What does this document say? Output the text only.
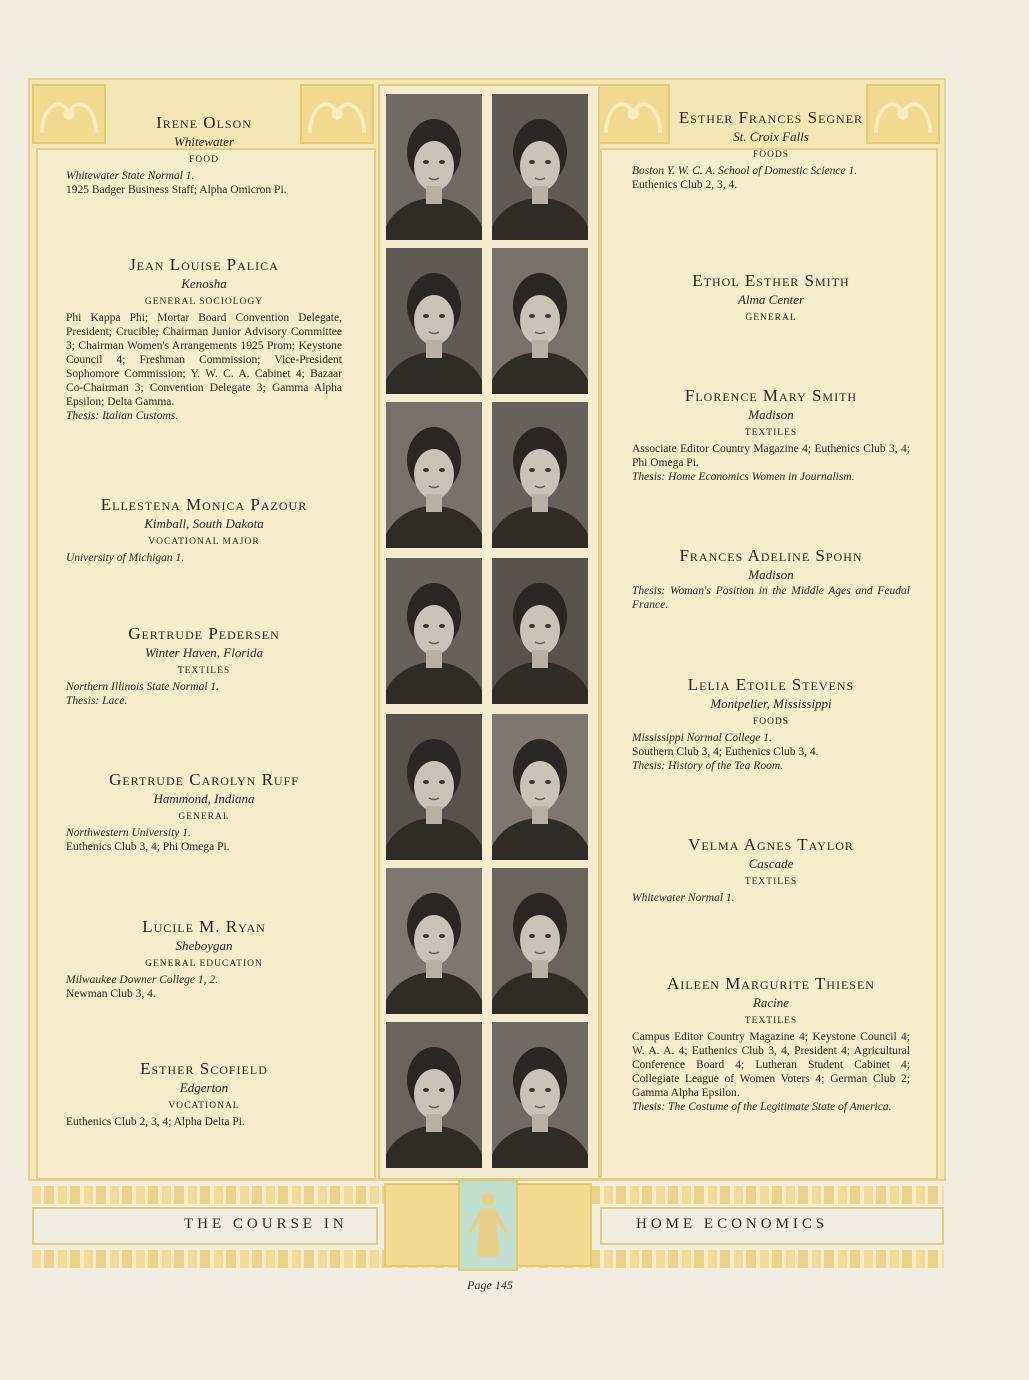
Irene Olson
Whitewater
FOOD
Whitewater State Normal 1.
1925 Badger Business Staff; Alpha Omicron Pi.
Jean Louise Palica
Kenosha
GENERAL SOCIOLOGY
Phi Kappa Phi; Mortar Board Convention Delegate, President; Crucible; Chairman Junior Advisory Committee 3; Chairman Women's Arrangements 1925 Prom; Keystone Council 4; Freshman Commission; Vice-President Sophomore Commission; Y. W. C. A. Cabinet 4; Bazaar Co-Chairman 3; Convention Delegate 3; Gamma Alpha Epsilon; Delta Gamma.
Thesis: Italian Customs.
Ellestena Monica Pazour
Kimball, South Dakota
VOCATIONAL MAJOR
University of Michigan 1.
Gertrude Pedersen
Winter Haven, Florida
TEXTILES
Northern Illinois State Normal 1.
Thesis: Lace.
Gertrude Carolyn Ruff
Hammond, Indiana
GENERAL
Northwestern University 1.
Euthenics Club 3, 4; Phi Omega Pi.
Lucile M. Ryan
Sheboygan
GENERAL EDUCATION
Milwaukee Downer College 1, 2.
Newman Club 3, 4.
Esther Scofield
Edgerton
VOCATIONAL
Euthenics Club 2, 3, 4; Alpha Delta Pi.
Esther Frances Segner
St. Croix Falls
FOODS
Boston Y. W. C. A. School of Domestic Science 1.
Euthenics Club 2, 3, 4.
Ethol Esther Smith
Alma Center
GENERAL
Florence Mary Smith
Madison
TEXTILES
Associate Editor Country Magazine 4; Euthenics Club 3, 4; Phi Omega Pi.
Thesis: Home Economics Women in Journalism.
Frances Adeline Spohn
Madison
Thesis: Woman's Position in the Middle Ages and Feudal France.
Lelia Etoile Stevens
Montpelier, Mississippi
FOODS
Mississippi Normal College 1.
Southern Club 3, 4; Euthenics Club 3, 4.
Thesis: History of the Tea Room.
Velma Agnes Taylor
Cascade
TEXTILES
Whitewater Normal 1.
Aileen Margurite Thiesen
Racine
TEXTILES
Campus Editor Country Magazine 4; Keystone Council 4; W. A. A. 4; Euthenics Club 3, 4, President 4; Agricultural Conference Board 4; Lutheran Student Cabinet 4; Collegiate League of Women Voters 4; German Club 2; Gamma Alpha Epsilon.
Thesis: The Costume of the Legitimate State of America.
THE COURSE IN	HOME ECONOMICS
Page 145
